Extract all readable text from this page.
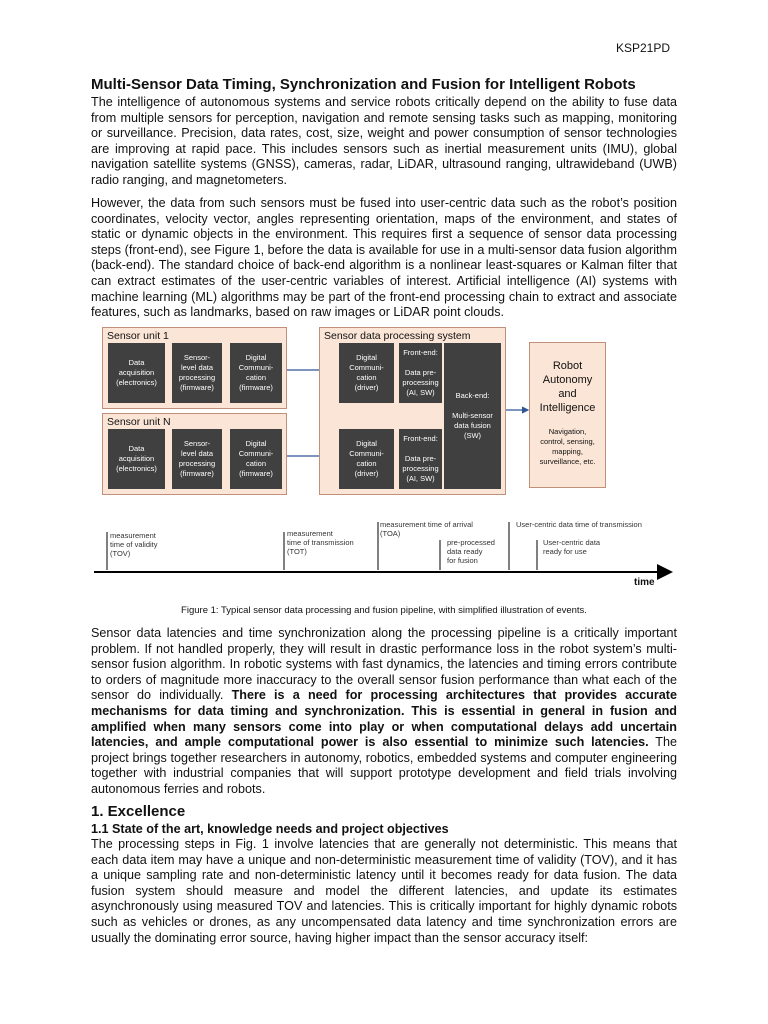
KSP21PD
Multi-Sensor Data Timing, Synchronization and Fusion for Intelligent Robots

The intelligence of autonomous systems and service robots critically depend on the ability to fuse data from multiple sensors for perception, navigation and remote sensing tasks such as mapping, monitoring or surveillance. Precision, data rates, cost, size, weight and power consumption of sensor technologies are improving at rapid pace. This includes sensors such as inertial measurement units (IMU), global navigation satellite systems (GNSS), cameras, radar, LiDAR, ultrasound ranging, ultrawideband (UWB) radio ranging, and magnetometers.

However, the data from such sensors must be fused into user-centric data such as the robot’s position coordinates, velocity vector, angles representing orientation, maps of the environment, and states of static or dynamic objects in the environment. This requires first a sequence of sensor data processing steps (front-end), see Figure 1, before the data is available for use in a multi-sensor data fusion algorithm (back-end). The standard choice of back-end algorithm is a nonlinear least-squares or Kalman filter that can extract estimates of the user-centric variables of interest. Artificial intelligence (AI) systems with machine learning (ML) algorithms may be part of the front-end processing chain to extract and associate features, such as landmarks, based on raw images or LiDAR point clouds.

Sensor unit 1
Data
acquisition
(electronics)
Sensor-
level data
processing
(firmware)
Digital
Communi-
cation
(firmware)
Sensor unit N
Data
acquisition
(electronics)
Sensor-
level data
processing
(firmware)
Digital
Communi-
cation
(firmware)
Sensor data processing system
Digital
Communi-
cation
(driver)
Front-end:

Data pre-
processing
(AI, SW)
Digital
Communi-
cation
(driver)
Front-end:

Data pre-
processing
(AI, SW)
Back-end:

Multi-sensor
data fusion
(SW)
Robot
Autonomy
and
Intelligence
Navigation,
control, sensing,
mapping,
surveillance, etc.
measurement
time of validity
(TOV)
measurement
time of transmission
(TOT)
measurement time of arrival
(TOA)
pre-processed
data ready
for fusion
User-centric data time of transmission
User-centric data
ready for use
time
Figure 1: Typical sensor data processing and fusion pipeline, with simplified illustration of events.

Sensor data latencies and time synchronization along the processing pipeline is a critically important problem. If not handled properly, they will result in drastic performance loss in the robot system’s multi-sensor fusion algorithm. In robotic systems with fast dynamics, the latencies and timing errors contribute to orders of magnitude more inaccuracy to the overall sensor fusion performance than what each of the sensor do individually. There is a need for processing architectures that provides accurate mechanisms for data timing and synchronization. This is essential in general in fusion and amplified when many sensors come into play or when computational delays add uncertain latencies, and ample computational power is also essential to minimize such latencies. The project brings together researchers in autonomy, robotics, embedded systems and computer engineering together with industrial companies that will support prototype development and field trials involving autonomous ferries and robots.

1. Excellence
1.1 State of the art, knowledge needs and project objectives

The processing steps in Fig. 1 involve latencies that are generally not deterministic. This means that each data item may have a unique and non-deterministic measurement time of validity (TOV), and it has a unique sampling rate and non-deterministic latency until it becomes ready for data fusion. The data fusion system should measure and model the different latencies, and update its estimates asynchronously using measured TOV and latencies. This is critically important for highly dynamic robots such as vehicles or drones, as any uncompensated data latency and time synchronization errors are usually the dominating error source, having higher impact than the sensor accuracy itself:
